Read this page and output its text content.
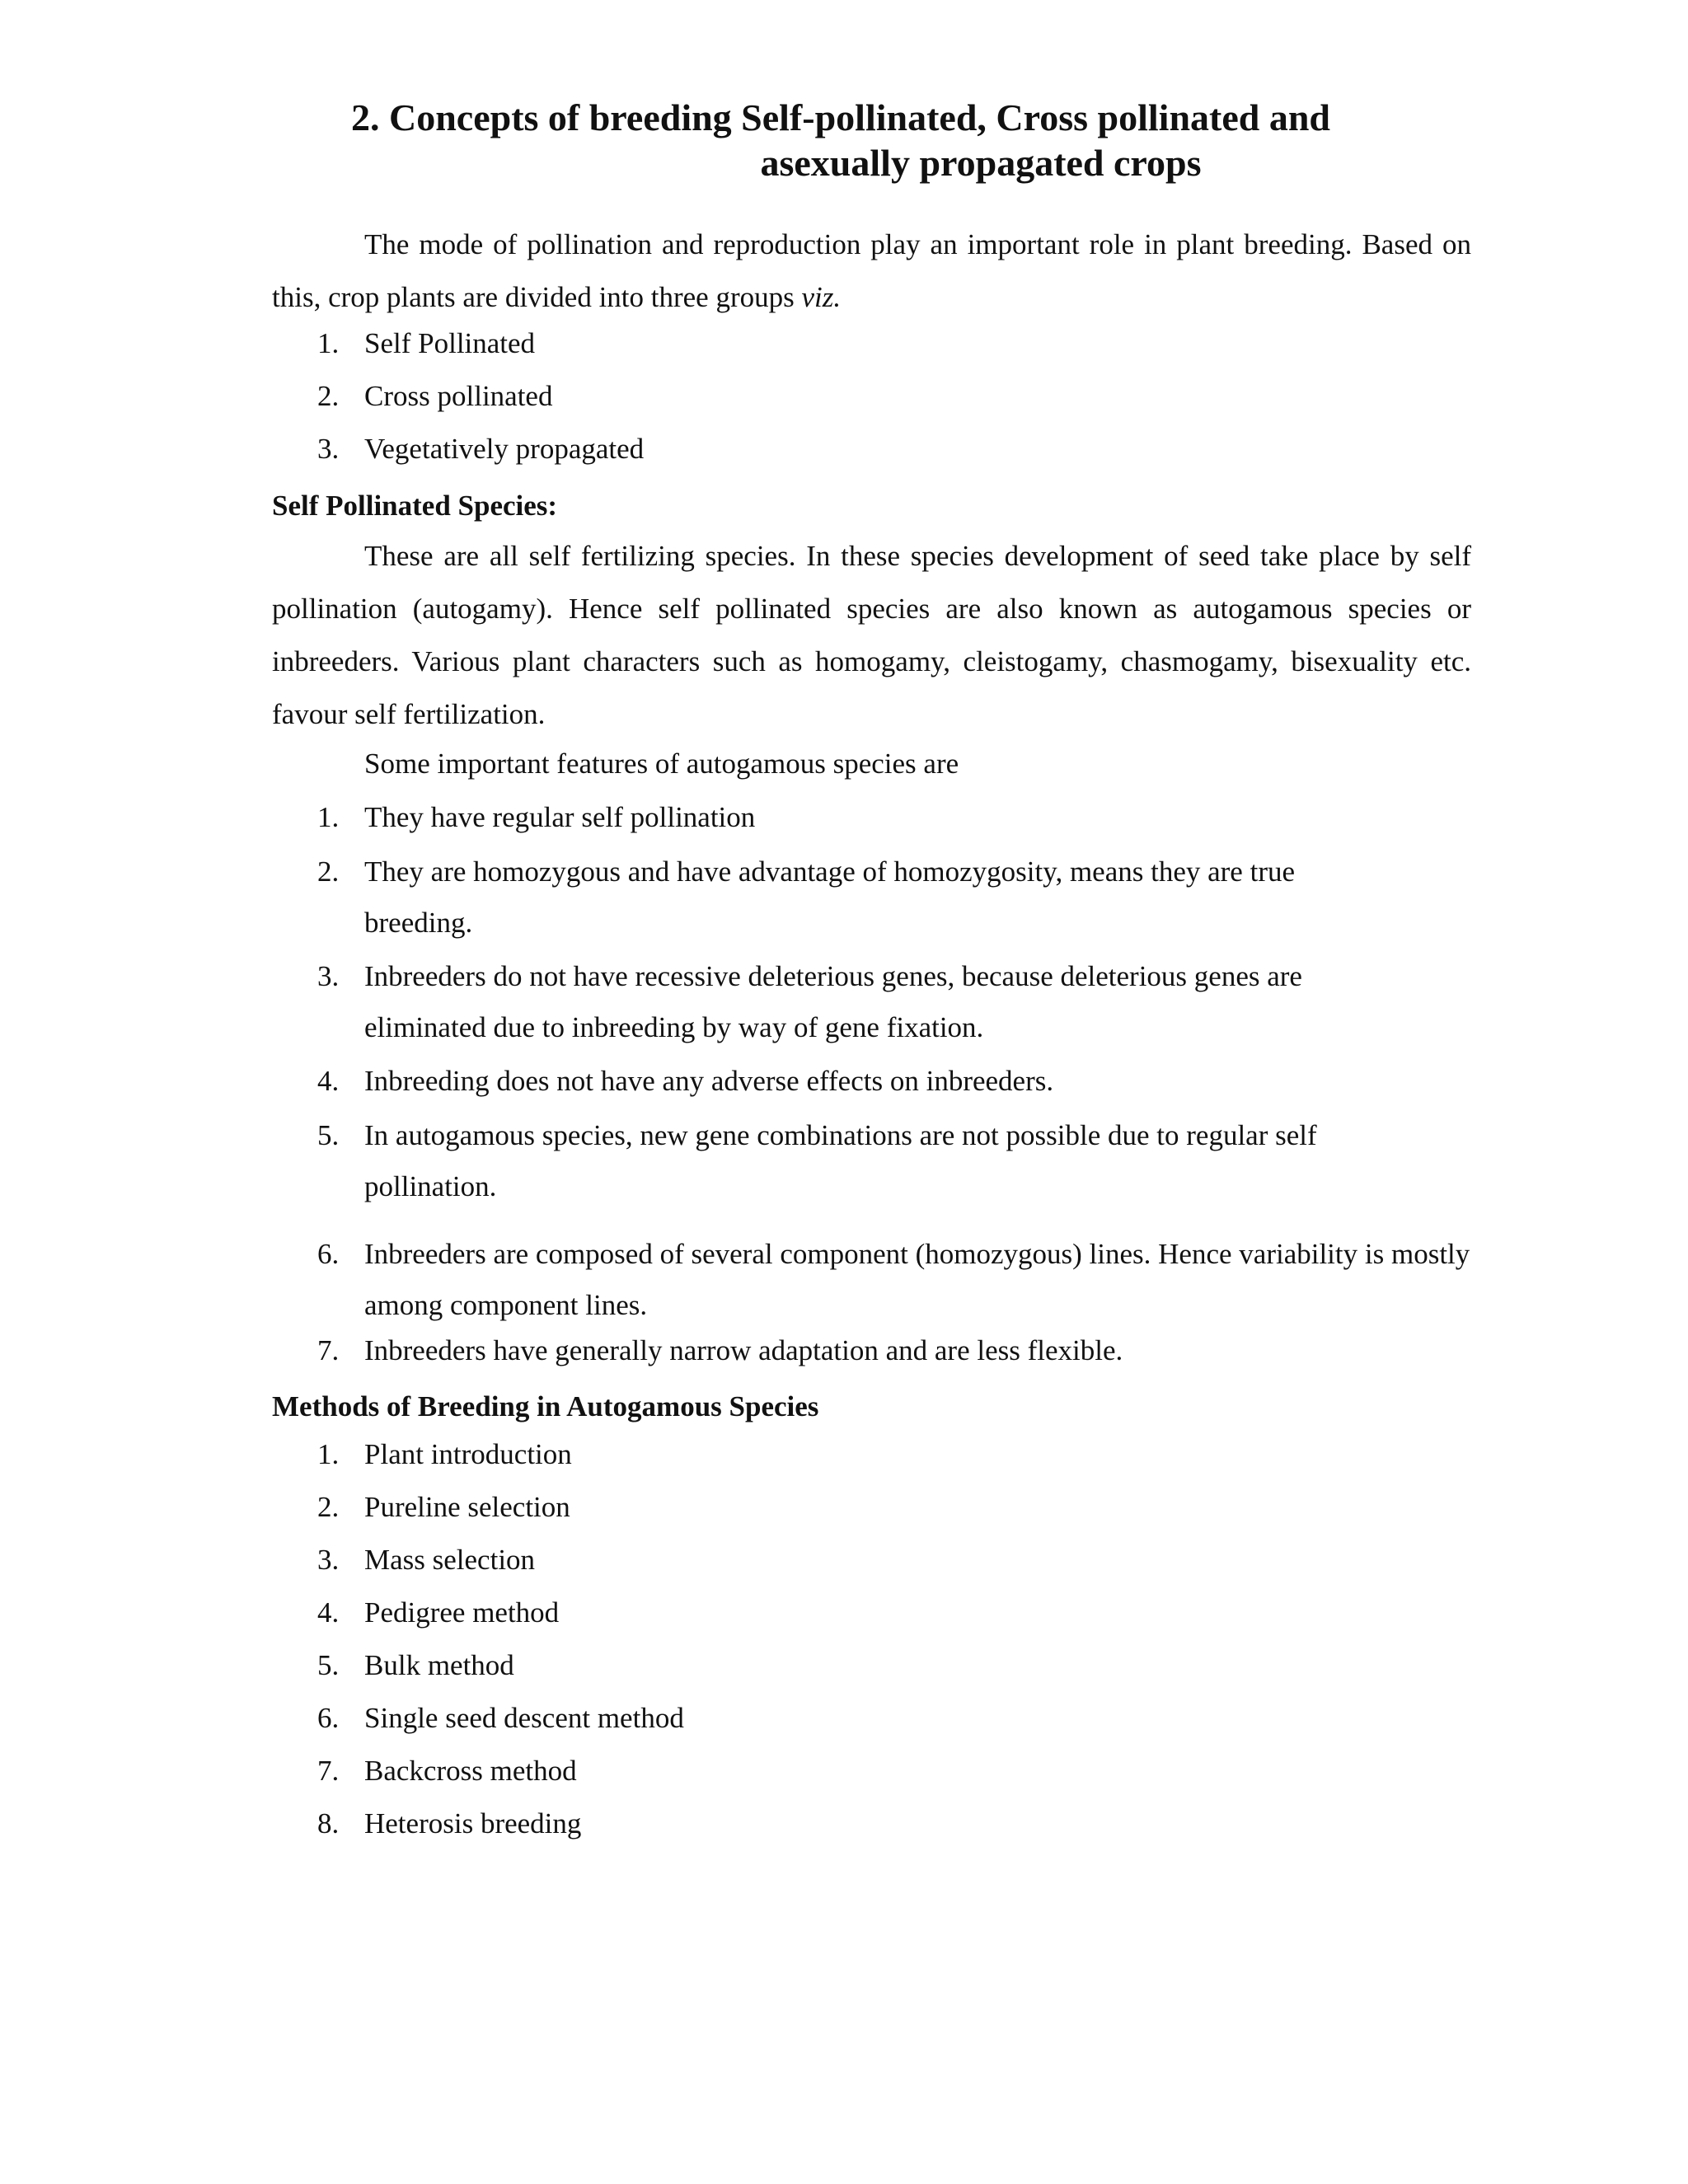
2. Concepts of breeding Self-pollinated, Cross pollinated and
asexually propagated crops
The mode of pollination and reproduction play an important role in plant breeding. Based on this, crop plants are divided into three groups viz.
1. Self Pollinated
2. Cross pollinated
3. Vegetatively propagated
Self Pollinated Species:
These are all self fertilizing species. In these species development of seed take place by self pollination (autogamy). Hence self pollinated species are also known as autogamous species or inbreeders. Various plant characters such as homogamy, cleistogamy, chasmogamy, bisexuality etc. favour self fertilization.
Some important features of autogamous species are
1. They have regular self pollination
2. They are homozygous and have advantage of homozygosity, means they are true breeding.
3. Inbreeders do not have recessive deleterious genes, because deleterious genes are eliminated due to inbreeding by way of gene fixation.
4. Inbreeding does not have any adverse effects on inbreeders.
5. In autogamous species, new gene combinations are not possible due to regular self pollination.
6. Inbreeders are composed of several component (homozygous) lines. Hence variability is mostly among component lines.
7. Inbreeders have generally narrow adaptation and are less flexible.
Methods of Breeding in Autogamous Species
1. Plant introduction
2. Pureline selection
3. Mass selection
4. Pedigree method
5. Bulk method
6. Single seed descent method
7. Backcross method
8. Heterosis breeding
